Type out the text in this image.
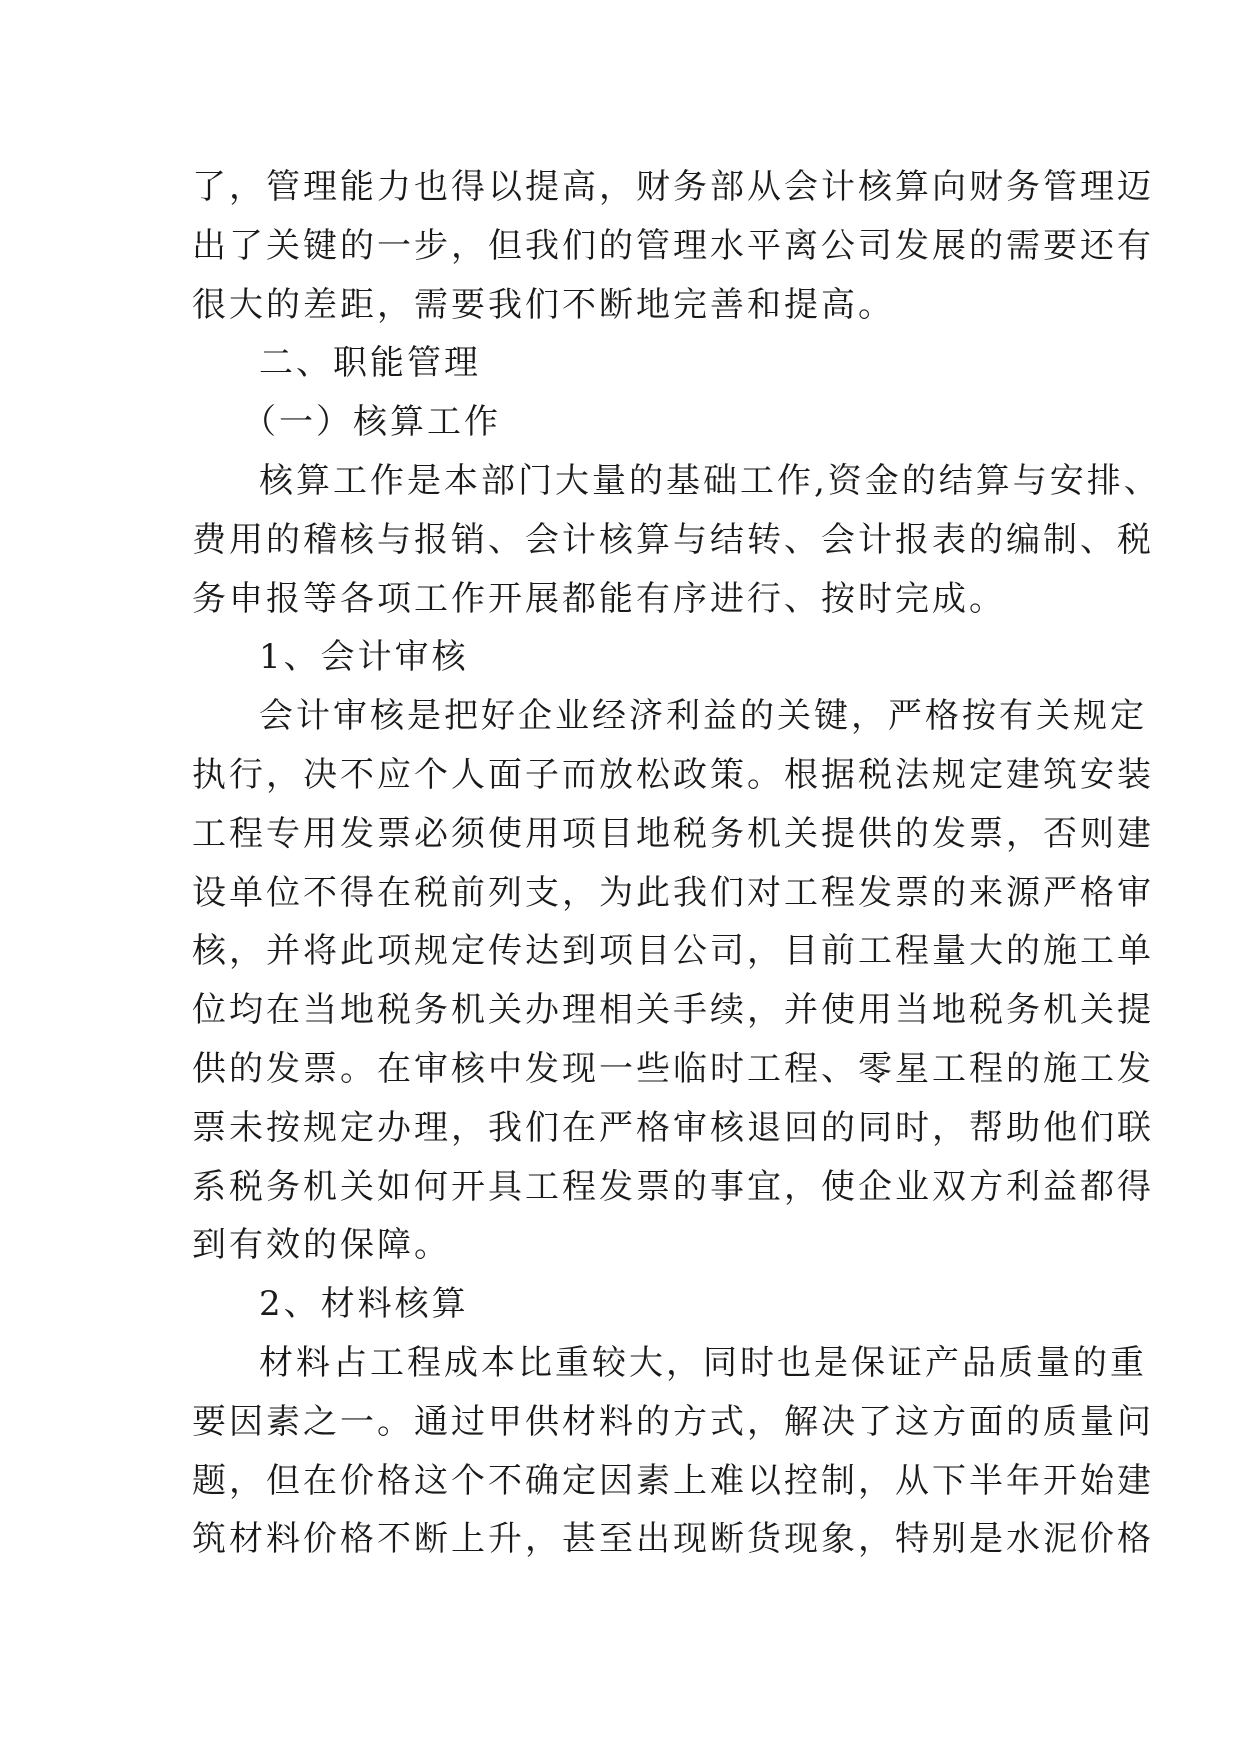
了，管理能力也得以提高，财务部从会计核算向财务管理迈
出了关键的一步，但我们的管理水平离公司发展的需要还有
很大的差距，需要我们不断地完善和提高。
二、职能管理
（一）核算工作
核算工作是本部门大量的基础工作,资金的结算与安排、
费用的稽核与报销、会计核算与结转、会计报表的编制、税
务申报等各项工作开展都能有序进行、按时完成。
1、会计审核
会计审核是把好企业经济利益的关键，严格按有关规定
执行，决不应个人面子而放松政策。根据税法规定建筑安装
工程专用发票必须使用项目地税务机关提供的发票，否则建
设单位不得在税前列支，为此我们对工程发票的来源严格审
核，并将此项规定传达到项目公司，目前工程量大的施工单
位均在当地税务机关办理相关手续，并使用当地税务机关提
供的发票。在审核中发现一些临时工程、零星工程的施工发
票未按规定办理，我们在严格审核退回的同时，帮助他们联
系税务机关如何开具工程发票的事宜，使企业双方利益都得
到有效的保障。
2、材料核算
材料占工程成本比重较大，同时也是保证产品质量的重
要因素之一。通过甲供材料的方式，解决了这方面的质量问
题，但在价格这个不确定因素上难以控制，从下半年开始建
筑材料价格不断上升，甚至出现断货现象，特别是水泥价格
